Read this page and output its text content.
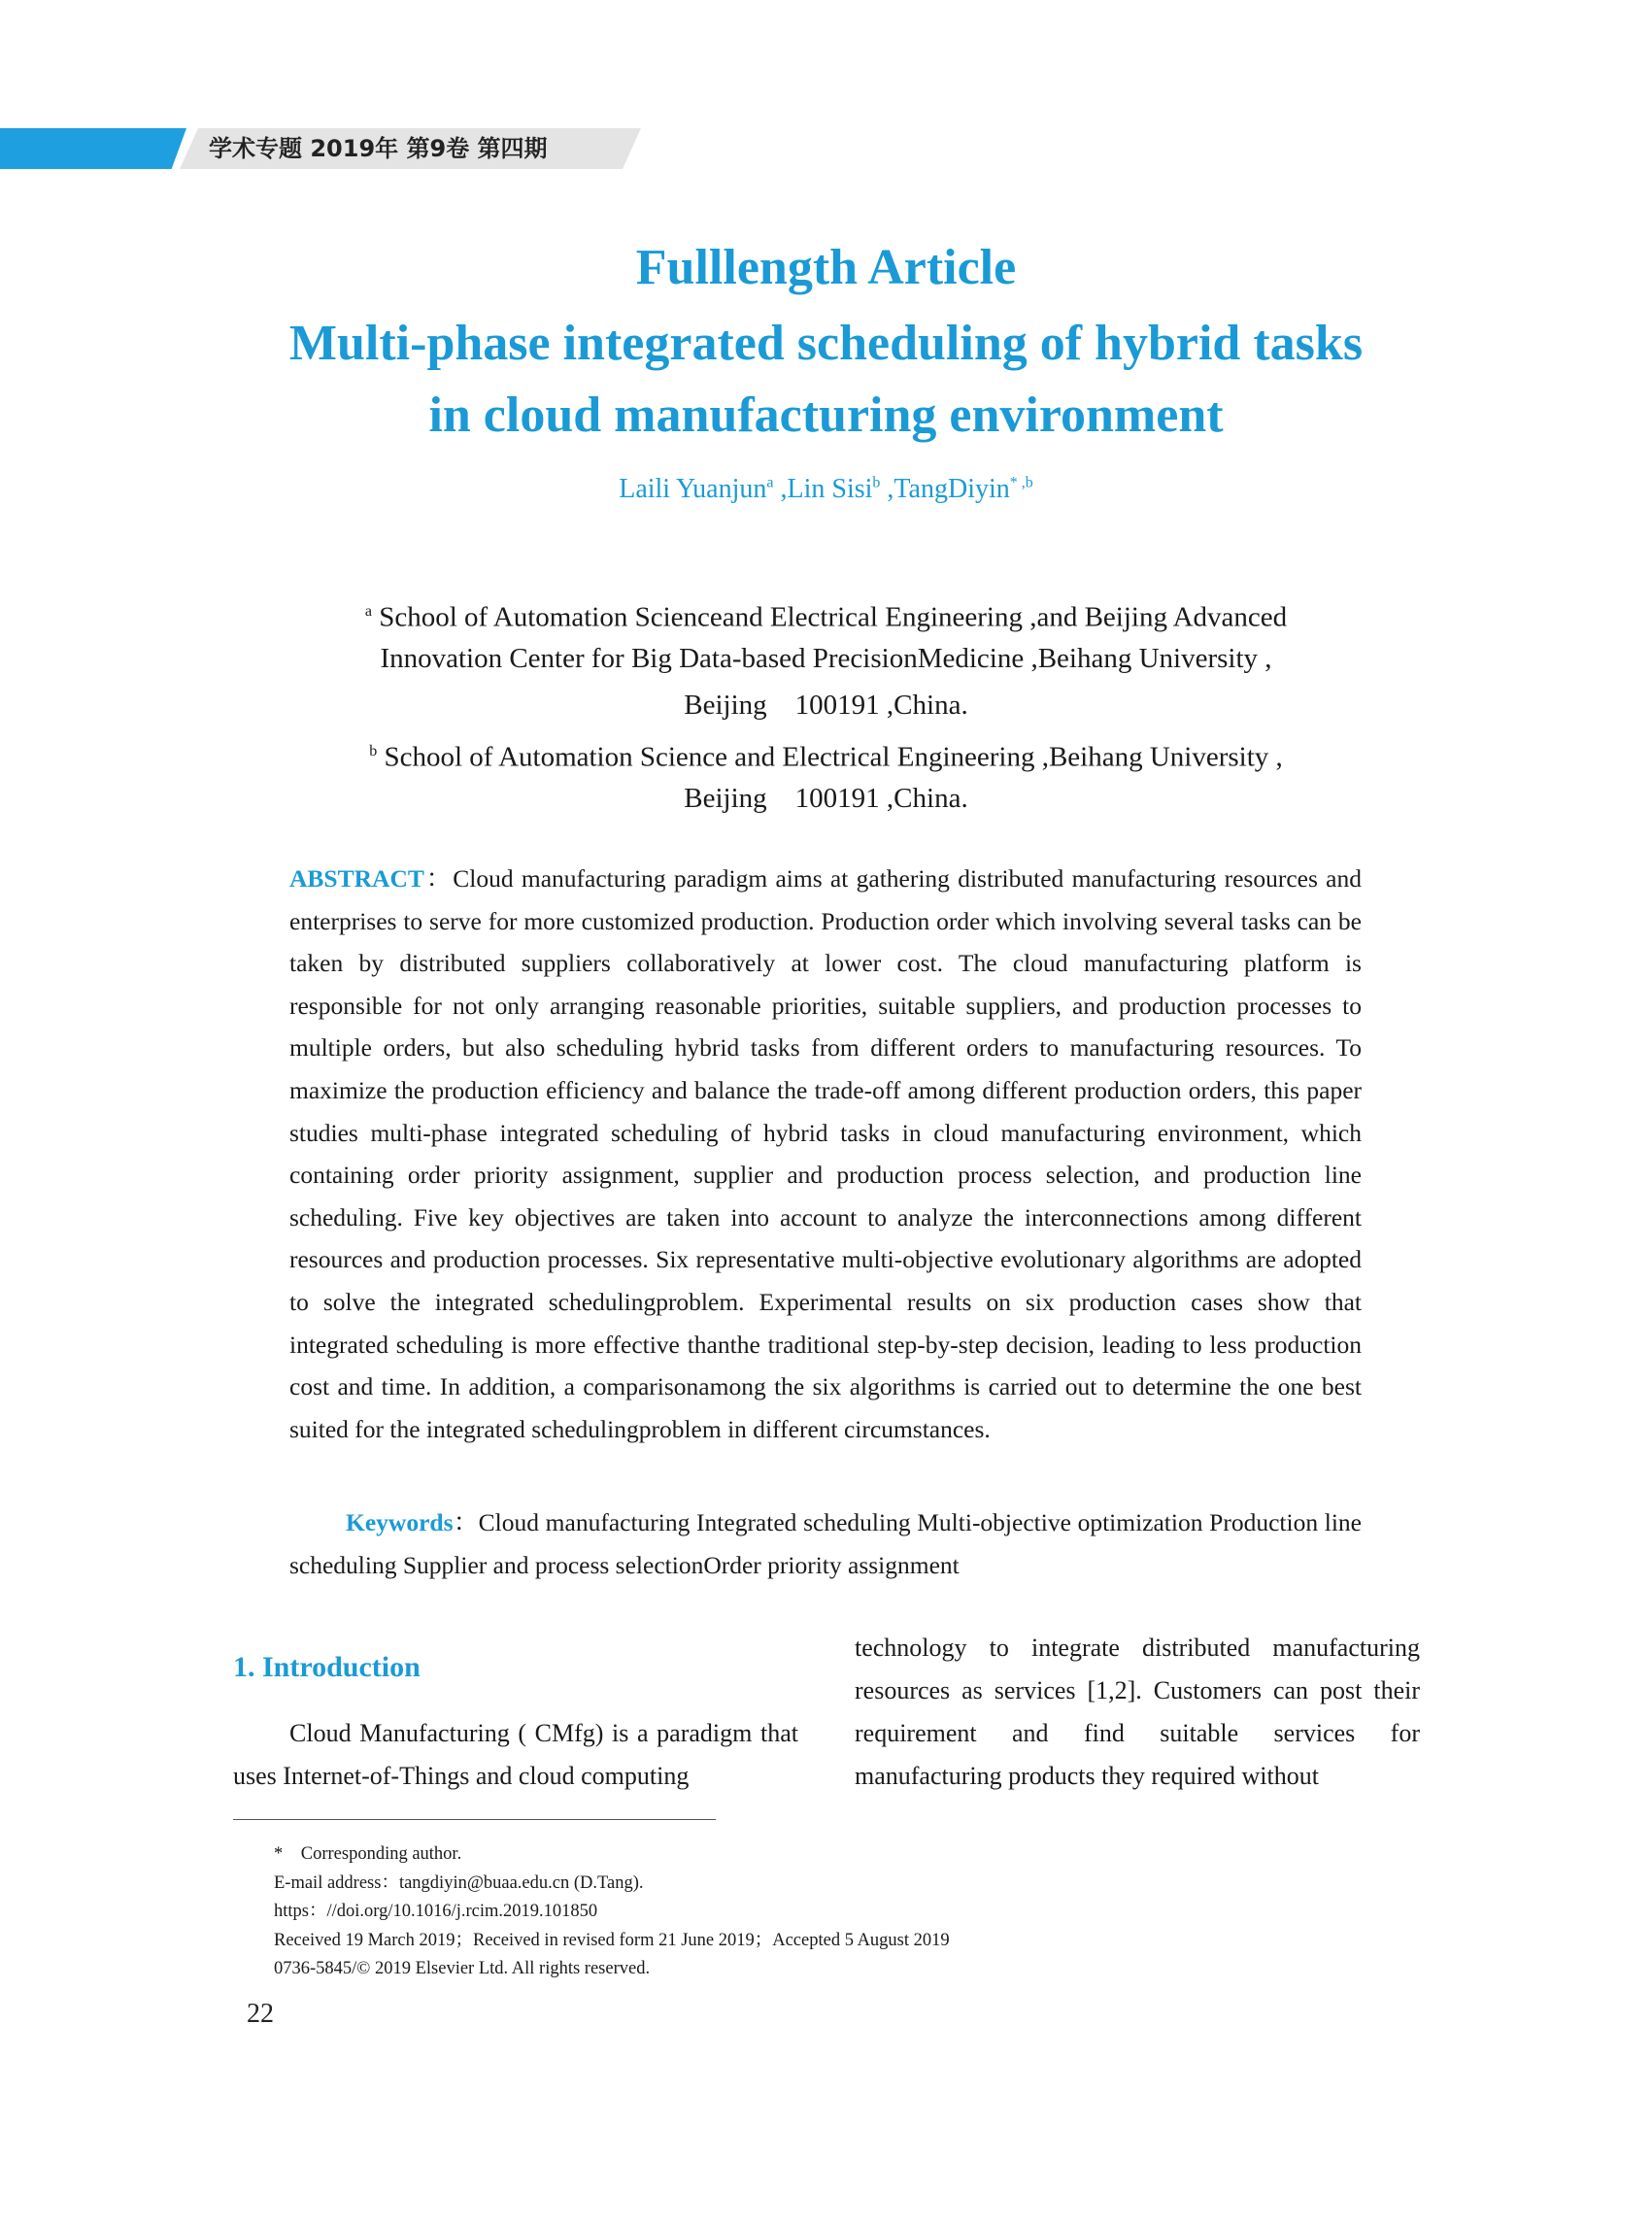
学术专题 2019年 第9卷 第四期
Fulllength Article
Multi-phase integrated scheduling of hybrid tasks
in cloud manufacturing environment
Laili Yuanjun$^a$ ,Lin Sisi$^b$ ,TangDiyin$^{* ,b}$
$^a$ School of Automation Scienceand Electrical Engineering ,and Beijing Advanced
Innovation Center for Big Data-based PrecisionMedicine ,Beihang University ,
Beijing　100191 ,China.
$^b$ School of Automation Science and Electrical Engineering ,Beihang University ,
Beijing　100191 ,China.
ABSTRACT：Cloud manufacturing paradigm aims at gathering distributed manufacturing resources and enterprises to serve for more customized production. Production order which involving several tasks can be taken by distributed suppliers collaboratively at lower cost. The cloud manufacturing platform is responsible for not only arranging reasonable priorities, suitable suppliers, and production processes to multiple orders, but also scheduling hybrid tasks from different orders to manufacturing resources. To maximize the production efficiency and balance the trade-off among different production orders, this paper studies multi-phase integrated scheduling of hybrid tasks in cloud manufacturing environment, which containing order priority assignment, supplier and production process selection, and production line scheduling. Five key objectives are taken into account to analyze the interconnections among different resources and production processes. Six representative multi-objective evolutionary algorithms are adopted to solve the integrated schedulingproblem. Experimental results on six production cases show that integrated scheduling is more effective thanthe traditional step-by-step decision, leading to less production cost and time. In addition, a comparisonamong the six algorithms is carried out to determine the one best suited for the integrated schedulingproblem in different circumstances.
Keywords：Cloud manufacturing Integrated scheduling Multi-objective optimization Production line scheduling Supplier and process selectionOrder priority assignment
1. Introduction
Cloud Manufacturing ( CMfg) is a paradigm that uses Internet-of-Things and cloud computing
technology to integrate distributed manufacturing resources as services [1,2]. Customers can post their requirement and find suitable services for manufacturing products they required without
*　Corresponding author.
E-mail address：tangdiyin@buaa.edu.cn (D.Tang).
https：//doi.org/10.1016/j.rcim.2019.101850
Received 19 March 2019；Received in revised form 21 June 2019；Accepted 5 August 2019
0736-5845/© 2019 Elsevier Ltd. All rights reserved.
22
